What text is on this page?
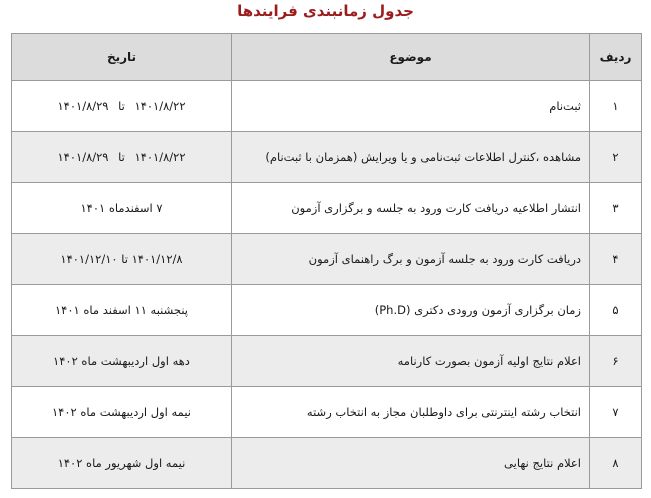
جدول زمانبندی فرایندها
ردیف	موضوع	تاریخ
۱	ثبت‌نام	۱۴۰۱/۸/۲۲ تا ۱۴۰۱/۸/۲۹
۲	مشاهده ،کنترل اطلاعات ثبت‌نامی و یا ویرایش (همزمان با ثبت‌نام)	۱۴۰۱/۸/۲۲ تا ۱۴۰۱/۸/۲۹
۳	انتشار اطلاعیه دریافت کارت ورود به جلسه و برگزاری آزمون	۷ اسفندماه ۱۴۰۱
۴	دریافت کارت ورود به جلسه آزمون و برگ راهنمای آزمون	۱۴۰۱/۱۲/۸ تا ۱۴۰۱/۱۲/۱۰
۵	زمان برگزاری آزمون ورودی دکتری (Ph.D)	پنجشنبه ۱۱ اسفند ماه ۱۴۰۱
۶	اعلام نتایج اولیه آزمون بصورت کارنامه	دهه اول اردیبهشت ماه ۱۴۰۲
۷	انتخاب رشته اینترنتی برای داوطلبان مجاز به انتخاب رشته	نیمه اول اردیبهشت ماه ۱۴۰۲
۸	اعلام نتایج نهایی	نیمه اول شهریور ماه ۱۴۰۲
